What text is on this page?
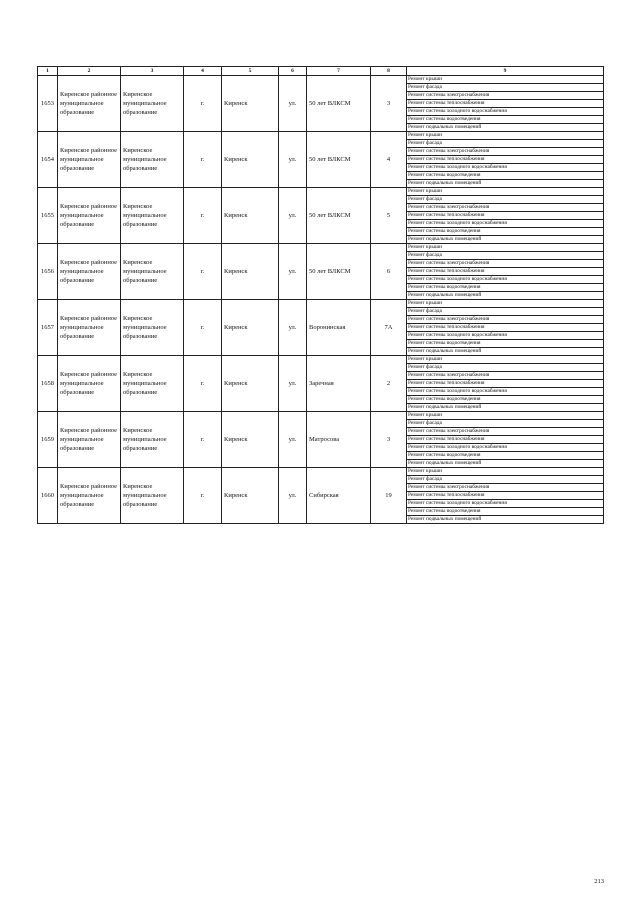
1	2	3	4	5	6	7	8	9
1653	Киренское районное муниципальное образование	Киренское муниципальное образование	г.	Киренск	ул.	50 лет ВЛКСМ	3	Ремонт крыши
								Ремонт фасада
								Ремонт системы электроснабжения
								Ремонт системы теплоснабжения
								Ремонт системы холодного водоснабжения
								Ремонт системы водоотведения
								Ремонт подвальных помещений
1654	Киренское районное муниципальное образование	Киренское муниципальное образование	г.	Киренск	ул.	50 лет ВЛКСМ	4	Ремонт крыши
								Ремонт фасада
								Ремонт системы электроснабжения
								Ремонт системы теплоснабжения
								Ремонт системы холодного водоснабжения
								Ремонт системы водоотведения
								Ремонт подвальных помещений
1655	Киренское районное муниципальное образование	Киренское муниципальное образование	г.	Киренск	ул.	50 лет ВЛКСМ	5	Ремонт крыши
								Ремонт фасада
								Ремонт системы электроснабжения
								Ремонт системы теплоснабжения
								Ремонт системы холодного водоснабжения
								Ремонт системы водоотведения
								Ремонт подвальных помещений
1656	Киренское районное муниципальное образование	Киренское муниципальное образование	г.	Киренск	ул.	50 лет ВЛКСМ	6	Ремонт крыши
								Ремонт фасада
								Ремонт системы электроснабжения
								Ремонт системы теплоснабжения
								Ремонт системы холодного водоснабжения
								Ремонт системы водоотведения
								Ремонт подвальных помещений
1657	Киренское районное муниципальное образование	Киренское муниципальное образование	г.	Киренск	ул.	Воронинская	7А	Ремонт крыши
								Ремонт фасада
								Ремонт системы электроснабжения
								Ремонт системы теплоснабжения
								Ремонт системы холодного водоснабжения
								Ремонт системы водоотведения
								Ремонт подвальных помещений
1658	Киренское районное муниципальное образование	Киренское муниципальное образование	г.	Киренск	ул.	Заречная	2	Ремонт крыши
								Ремонт фасада
								Ремонт системы электроснабжения
								Ремонт системы теплоснабжения
								Ремонт системы холодного водоснабжения
								Ремонт системы водоотведения
								Ремонт подвальных помещений
1659	Киренское районное муниципальное образование	Киренское муниципальное образование	г.	Киренск	ул.	Матросова	3	Ремонт крыши
								Ремонт фасада
								Ремонт системы электроснабжения
								Ремонт системы теплоснабжения
								Ремонт системы холодного водоснабжения
								Ремонт системы водоотведения
								Ремонт подвальных помещений
1660	Киренское районное муниципальное образование	Киренское муниципальное образование	г.	Киренск	ул.	Сибирская	19	Ремонт крыши
								Ремонт фасада
								Ремонт системы электроснабжения
								Ремонт системы теплоснабжения
								Ремонт системы холодного водоснабжения
								Ремонт системы водоотведения
								Ремонт подвальных помещений
213
